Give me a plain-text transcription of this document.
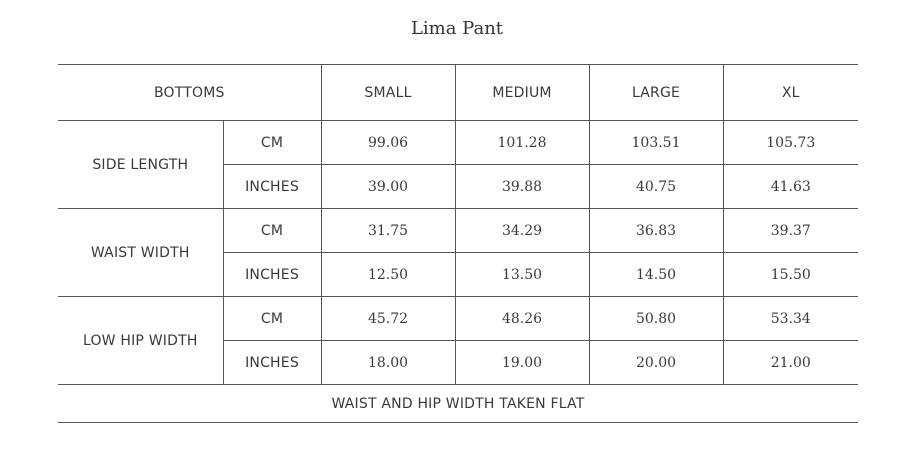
Lima Pant
BOTTOMS		SMALL	MEDIUM	LARGE	XL
SIDE LENGTH	CM	99.06	101.28	103.51	105.73
	INCHES	39.00	39.88	40.75	41.63
WAIST WIDTH	CM	31.75	34.29	36.83	39.37
	INCHES	12.50	13.50	14.50	15.50
LOW HIP WIDTH	CM	45.72	48.26	50.80	53.34
	INCHES	18.00	19.00	20.00	21.00
WAIST AND HIP WIDTH TAKEN FLAT					
